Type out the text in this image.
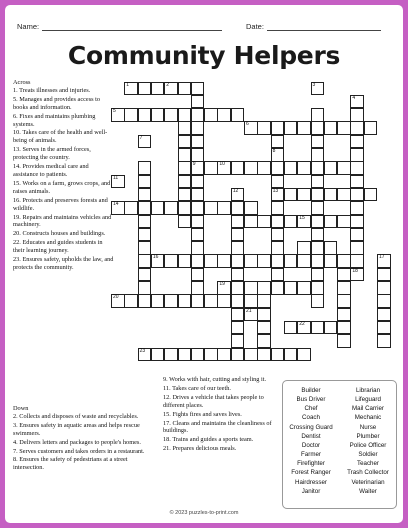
Name:	Date:
Community Helpers
1	2
5
6
10
14
13
15
16
19
20
22
23
9
4
8
12
17
3
7
11
18
21
Across
1. Treats illnesses and injuries.
5. Manages and provides access to books and information.
6. Fixes and maintains plumbing systems.
10. Takes care of the health and well-being of animals.
13. Serves in the armed forces, protecting the country.
14. Provides medical care and assistance to patients.
15. Works on a farm, grows crops, and raises animals.
16. Protects and preserves forests and wildlife.
19. Repairs and maintains vehicles and machinery.
20. Constructs houses and buildings.
22. Educates and guides students in their learning journey.
23. Ensures safety, upholds the law, and protects the community.
Down
2. Collects and disposes of waste and recyclables.
3. Ensures safety in aquatic areas and helps rescue swimmers.
4. Delivers letters and packages to people's homes.
7. Serves customers and takes orders in a restaurant.
8. Ensures the safety of pedestrians at a street intersection.
9. Works with hair, cutting and styling it.
11. Takes care of our teeth.
12. Drives a vehicle that takes people to different places.
15. Fights fires and saves lives.
17. Cleans and maintains the cleanliness of buildings.
18. Trains and guides a sports team.
21. Prepares delicious meals.
Builder
Bus Driver
Chef
Coach
Crossing Guard
Dentist
Doctor
Farmer
Firefighter
Forest Ranger
Hairdresser
Janitor
Librarian
Lifeguard
Mail Carrier
Mechanic
Nurse
Plumber
Police Officer
Soldier
Teacher
Trash Collector
Veterinarian
Waiter
© 2023 puzzles-to-print.com
